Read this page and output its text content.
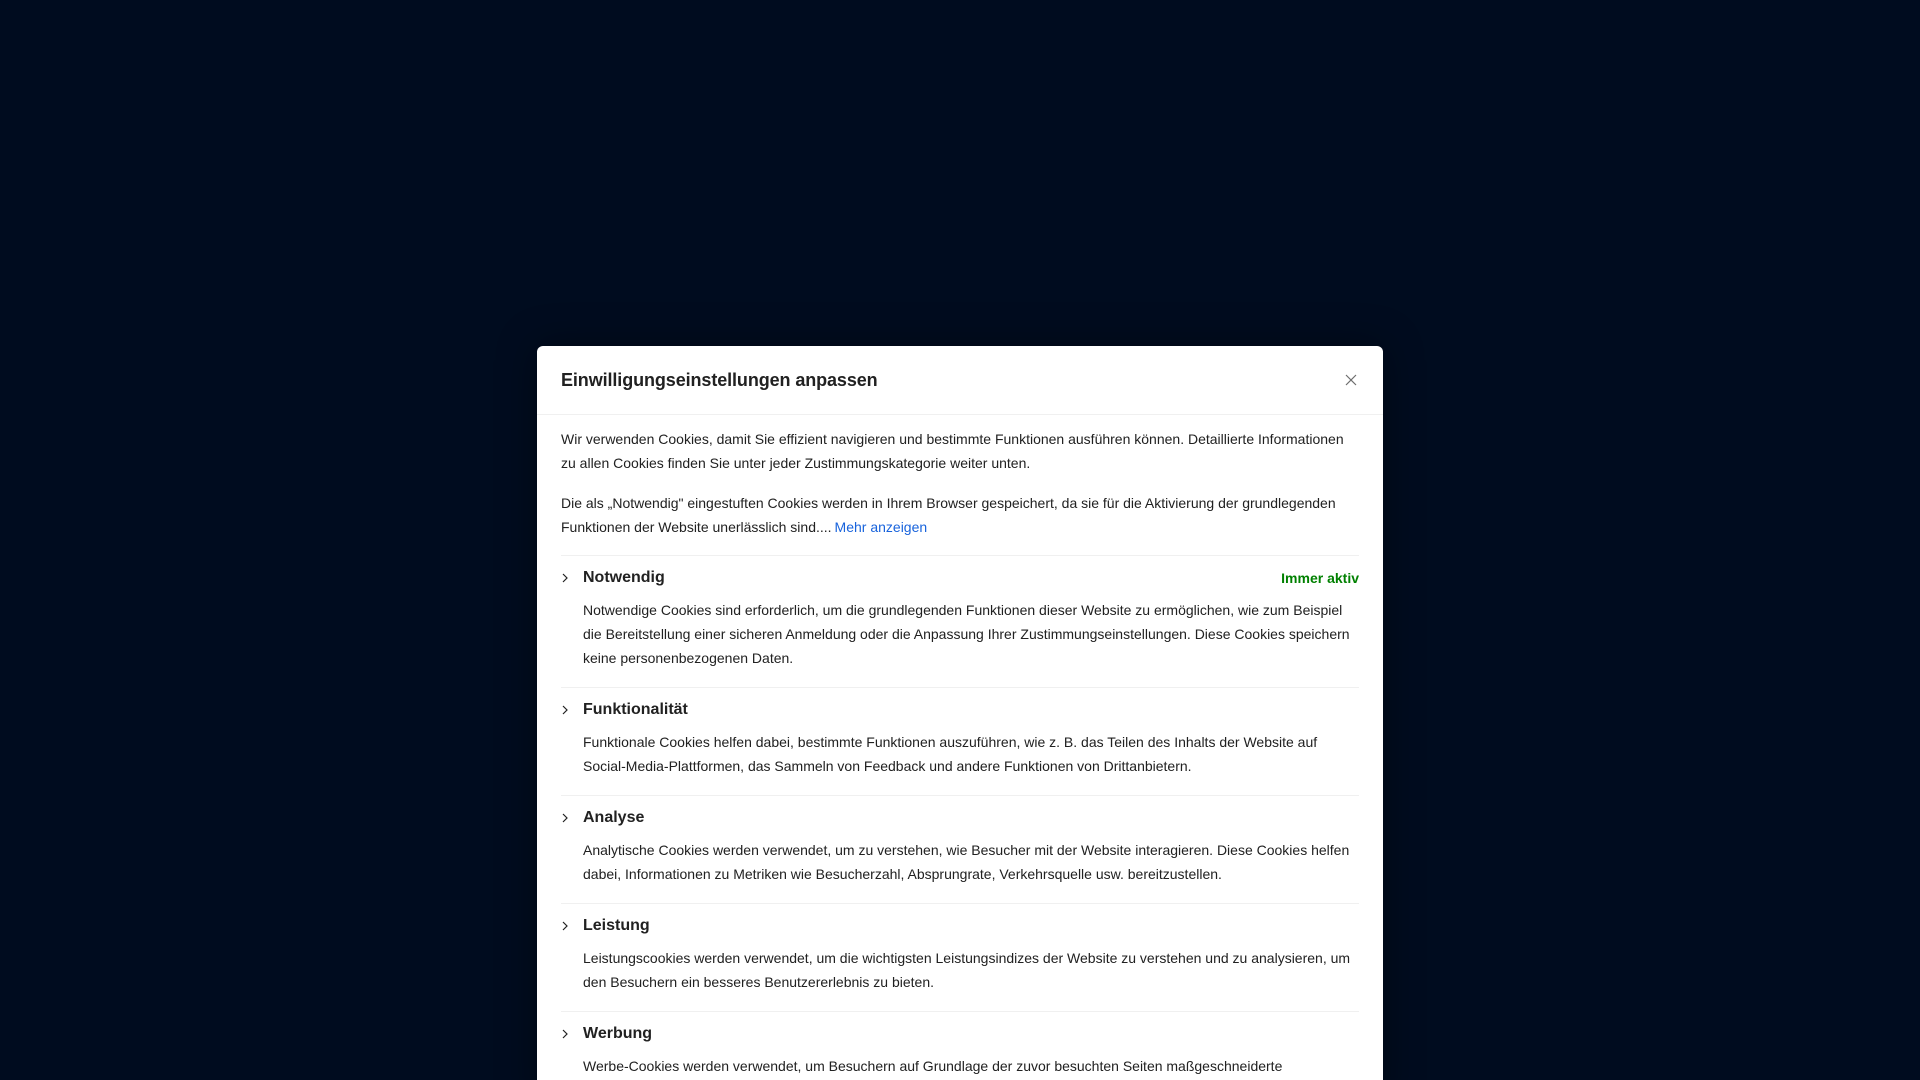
Einwilligungseinstellungen anpassen

Wir verwenden Cookies, damit Sie effizient navigieren und bestimmte Funktionen ausführen können. Detaillierte Informationen zu allen Cookies finden Sie unter jeder Zustimmungskategorie weiter unten.

Die als „Notwendig" eingestuften Cookies werden in Ihrem Browser gespeichert, da sie für die Aktivierung der grundlegenden Funktionen der Website unerlässlich sind.... Mehr anzeigen

Notwendig	Immer aktiv

Notwendige Cookies sind erforderlich, um die grundlegenden Funktionen dieser Website zu ermöglichen, wie zum Beispiel die Bereitstellung einer sicheren Anmeldung oder die Anpassung Ihrer Zustimmungseinstellungen. Diese Cookies speichern keine personenbezogenen Daten.

Funktionalität

Funktionale Cookies helfen dabei, bestimmte Funktionen auszuführen, wie z. B. das Teilen des Inhalts der Website auf Social-Media-Plattformen, das Sammeln von Feedback und andere Funktionen von Drittanbietern.

Analyse

Analytische Cookies werden verwendet, um zu verstehen, wie Besucher mit der Website interagieren. Diese Cookies helfen dabei, Informationen zu Metriken wie Besucherzahl, Absprungrate, Verkehrsquelle usw. bereitzustellen.

Leistung

Leistungscookies werden verwendet, um die wichtigsten Leistungsindizes der Website zu verstehen und zu analysieren, um den Besuchern ein besseres Benutzererlebnis zu bieten.

Werbung

Werbe-Cookies werden verwendet, um Besuchern auf Grundlage der zuvor besuchten Seiten maßgeschneiderte
